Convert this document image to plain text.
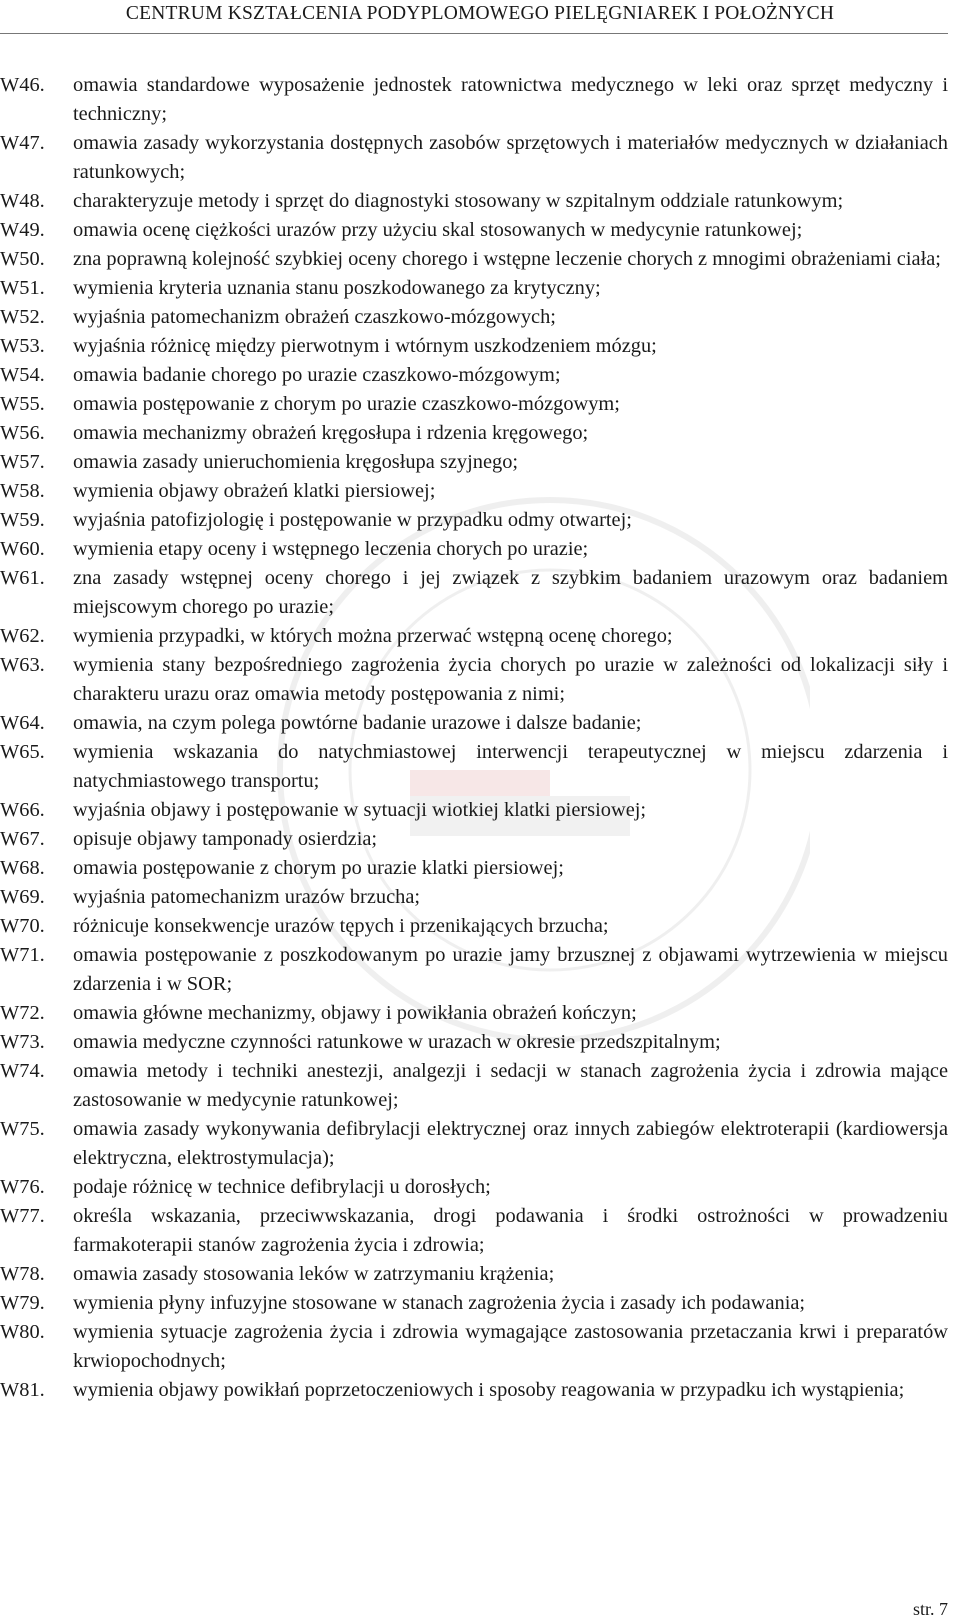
CENTRUM KSZTAŁCENIA PODYPLOMOWEGO PIELĘGNIAREK I POŁOŻNYCH
W46.	omawia standardowe wyposażenie jednostek ratownictwa medycznego w leki oraz sprzęt medyczny i techniczny;
W47.	omawia zasady wykorzystania dostępnych zasobów sprzętowych i materiałów medycznych w działaniach ratunkowych;
W48.	charakteryzuje metody i sprzęt do diagnostyki stosowany w szpitalnym oddziale ratunkowym;
W49.	omawia ocenę ciężkości urazów przy użyciu skal stosowanych w medycynie ratunkowej;
W50.	zna poprawną kolejność szybkiej oceny chorego i wstępne leczenie chorych z mnogimi obrażeniami ciała;
W51.	wymienia kryteria uznania stanu poszkodowanego za krytyczny;
W52.	wyjaśnia patomechanizm obrażeń czaszkowo-mózgowych;
W53.	wyjaśnia różnicę między pierwotnym i wtórnym uszkodzeniem mózgu;
W54.	omawia badanie chorego po urazie czaszkowo-mózgowym;
W55.	omawia postępowanie z chorym po urazie czaszkowo-mózgowym;
W56.	omawia mechanizmy obrażeń kręgosłupa i rdzenia kręgowego;
W57.	omawia zasady unieruchomienia kręgosłupa szyjnego;
W58.	wymienia objawy obrażeń klatki piersiowej;
W59.	wyjaśnia patofizjologię i postępowanie w przypadku odmy otwartej;
W60.	wymienia etapy oceny i wstępnego leczenia chorych po urazie;
W61.	zna zasady wstępnej oceny chorego i jej związek z szybkim badaniem urazowym oraz badaniem miejscowym chorego po urazie;
W62.	wymienia przypadki, w których można przerwać wstępną ocenę chorego;
W63.	wymienia stany bezpośredniego zagrożenia życia chorych po urazie w zależności od lokalizacji siły i charakteru urazu oraz omawia metody postępowania z nimi;
W64.	omawia, na czym polega powtórne badanie urazowe i dalsze badanie;
W65.	wymienia wskazania do natychmiastowej interwencji terapeutycznej w miejscu zdarzenia i natychmiastowego transportu;
W66.	wyjaśnia objawy i postępowanie w sytuacji wiotkiej klatki piersiowej;
W67.	opisuje objawy tamponady osierdzia;
W68.	omawia postępowanie z chorym po urazie klatki piersiowej;
W69.	wyjaśnia patomechanizm urazów brzucha;
W70.	różnicuje konsekwencje urazów tępych i przenikających brzucha;
W71.	omawia postępowanie z poszkodowanym po urazie jamy brzusznej z objawami wytrzewienia w miejscu zdarzenia i w SOR;
W72.	omawia główne mechanizmy, objawy i powikłania obrażeń kończyn;
W73.	omawia medyczne czynności ratunkowe w urazach w okresie przedszpitalnym;
W74.	omawia metody i techniki anestezji, analgezji i sedacji w stanach zagrożenia życia i zdrowia mające zastosowanie w medycynie ratunkowej;
W75.	omawia zasady wykonywania defibrylacji elektrycznej oraz innych zabiegów elektroterapii (kardiowersja elektryczna, elektrostymulacja);
W76.	podaje różnicę w technice defibrylacji u dorosłych;
W77.	określa wskazania, przeciwwskazania, drogi podawania i środki ostrożności w prowadzeniu farmakoterapii stanów zagrożenia życia i zdrowia;
W78.	omawia zasady stosowania leków w zatrzymaniu krążenia;
W79.	wymienia płyny infuzyjne stosowane w stanach zagrożenia życia i zasady ich podawania;
W80.	wymienia sytuacje zagrożenia życia i zdrowia wymagające zastosowania przetaczania krwi i preparatów krwiopochodnych;
W81.	wymienia objawy powikłań poprzetoczeniowych i sposoby reagowania w przypadku ich wystąpienia;
str. 7
